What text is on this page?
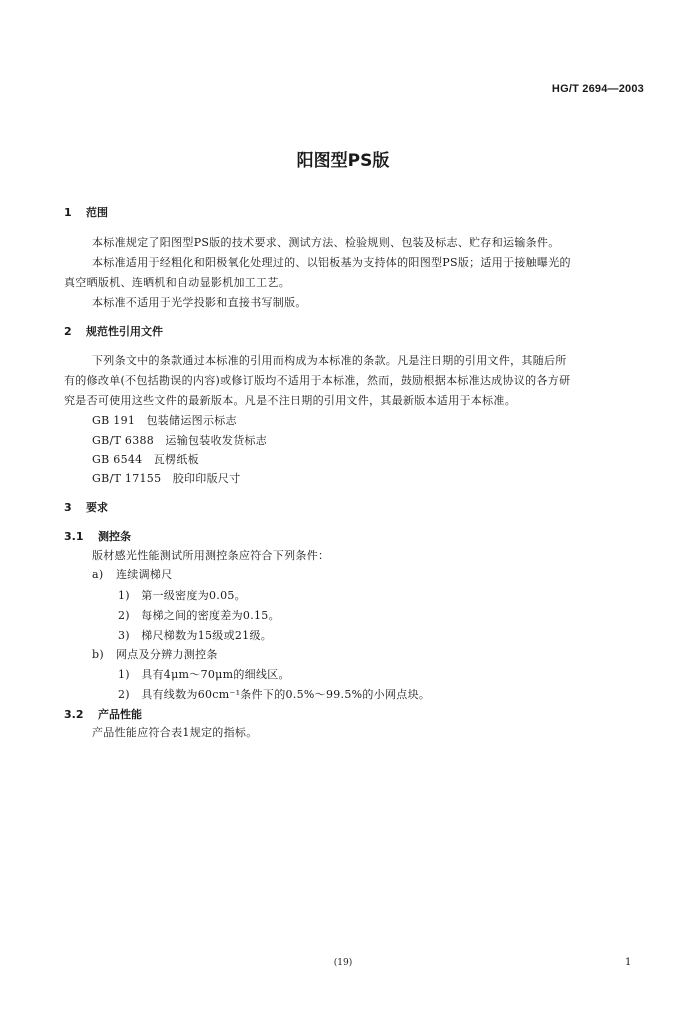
HG/T 2694—2003
阳图型PS版
1 范围
本标准规定了阳图型PS版的技术要求、测试方法、检验规则、包装及标志、贮存和运输条件。
本标准适用于经粗化和阳极氧化处理过的、以铝板基为支持体的阳图型PS版；适用于接触曝光的
真空晒版机、连晒机和自动显影机加工工艺。
本标准不适用于光学投影和直接书写制版。
2 规范性引用文件
下列条文中的条款通过本标准的引用而构成为本标准的条款。凡是注日期的引用文件，其随后所
有的修改单(不包括勘误的内容)或修订版均不适用于本标准，然而，鼓励根据本标准达成协议的各方研
究是否可使用这些文件的最新版本。凡是不注日期的引用文件，其最新版本适用于本标准。
GB 191　包装储运图示标志
GB/T 6388　运输包装收发货标志
GB 6544　瓦楞纸板
GB/T 17155　胶印印版尺寸
3 要求
3.1 测控条
版材感光性能测试所用测控条应符合下列条件：
a) 连续调梯尺
1)　第一级密度为0.05。
2)　每梯之间的密度差为0.15。
3)　梯尺梯数为15级或21级。
b) 网点及分辨力测控条
1)　具有4μm～70μm的细线区。
2)　具有线数为60cm⁻¹条件下的0.5%～99.5%的小网点块。
3.2 产品性能
产品性能应符合表1规定的指标。
(19)	1
